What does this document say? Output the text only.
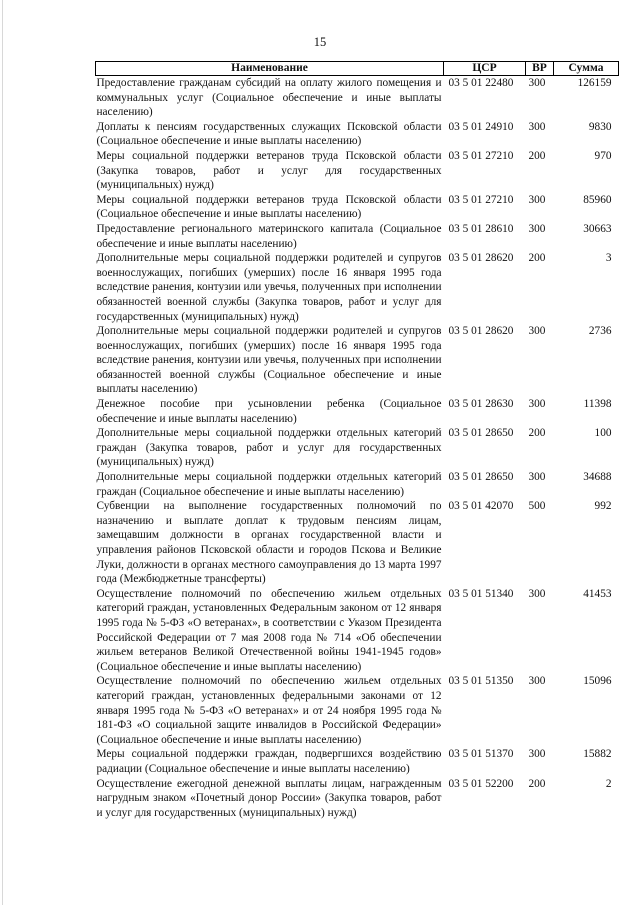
15
Наименование	ЦСР	ВР	Сумма
Предоставление гражданам субсидий на оплату жилого помещения и коммунальных услуг (Социальное обеспечение и иные выплаты населению)	03 5 01 22480	300	126159
Доплаты к пенсиям государственных служащих Псковской области (Социальное обеспечение и иные выплаты населению)	03 5 01 24910	300	9830
Меры социальной поддержки ветеранов труда Псковской области (Закупка товаров, работ и услуг для государственных (муниципальных) нужд)	03 5 01 27210	200	970
Меры социальной поддержки ветеранов труда Псковской области (Социальное обеспечение и иные выплаты населению)	03 5 01 27210	300	85960
Предоставление регионального материнского капитала (Социальное обеспечение и иные выплаты населению)	03 5 01 28610	300	30663
Дополнительные меры социальной поддержки родителей и супругов военнослужащих, погибших (умерших) после 16 января 1995 года вследствие ранения, контузии или увечья, полученных при исполнении обязанностей военной службы (Закупка товаров, работ и услуг для государственных (муниципальных) нужд)	03 5 01 28620	200	3
Дополнительные меры социальной поддержки родителей и супругов военнослужащих, погибших (умерших) после 16 января 1995 года вследствие ранения, контузии или увечья, полученных при исполнении обязанностей военной службы (Социальное обеспечение и иные выплаты населению)	03 5 01 28620	300	2736
Денежное пособие при усыновлении ребенка (Социальное обеспечение и иные выплаты населению)	03 5 01 28630	300	11398
Дополнительные меры социальной поддержки отдельных категорий граждан (Закупка товаров, работ и услуг для государственных (муниципальных) нужд)	03 5 01 28650	200	100
Дополнительные меры социальной поддержки отдельных категорий граждан (Социальное обеспечение и иные выплаты населению)	03 5 01 28650	300	34688
Субвенции на выполнение государственных полномочий по назначению и выплате доплат к трудовым пенсиям лицам, замещавшим должности в органах государственной власти и управления районов Псковской области и городов Пскова и Великие Луки, должности в органах местного самоуправления до 13 марта 1997 года (Межбюджетные трансферты)	03 5 01 42070	500	992
Осуществление полномочий по обеспечению жильем отдельных категорий граждан, установленных Федеральным законом от 12 января 1995 года № 5-ФЗ «О ветеранах», в соответствии с Указом Президента Российской Федерации от 7 мая 2008 года № 714 «Об обеспечении жильем ветеранов Великой Отечественной войны 1941-1945 годов» (Социальное обеспечение и иные выплаты населению)	03 5 01 51340	300	41453
Осуществление полномочий по обеспечению жильем отдельных категорий граждан, установленных федеральными законами от 12 января 1995 года № 5-ФЗ «О ветеранах» и от 24 ноября 1995 года № 181-ФЗ «О социальной защите инвалидов в Российской Федерации» (Социальное обеспечение и иные выплаты населению)	03 5 01 51350	300	15096
Меры социальной поддержки граждан, подвергшихся воздействию радиации (Социальное обеспечение и иные выплаты населению)	03 5 01 51370	300	15882
Осуществление ежегодной денежной выплаты лицам, награжденным нагрудным знаком «Почетный донор России» (Закупка товаров, работ и услуг для государственных (муниципальных) нужд)	03 5 01 52200	200	2
